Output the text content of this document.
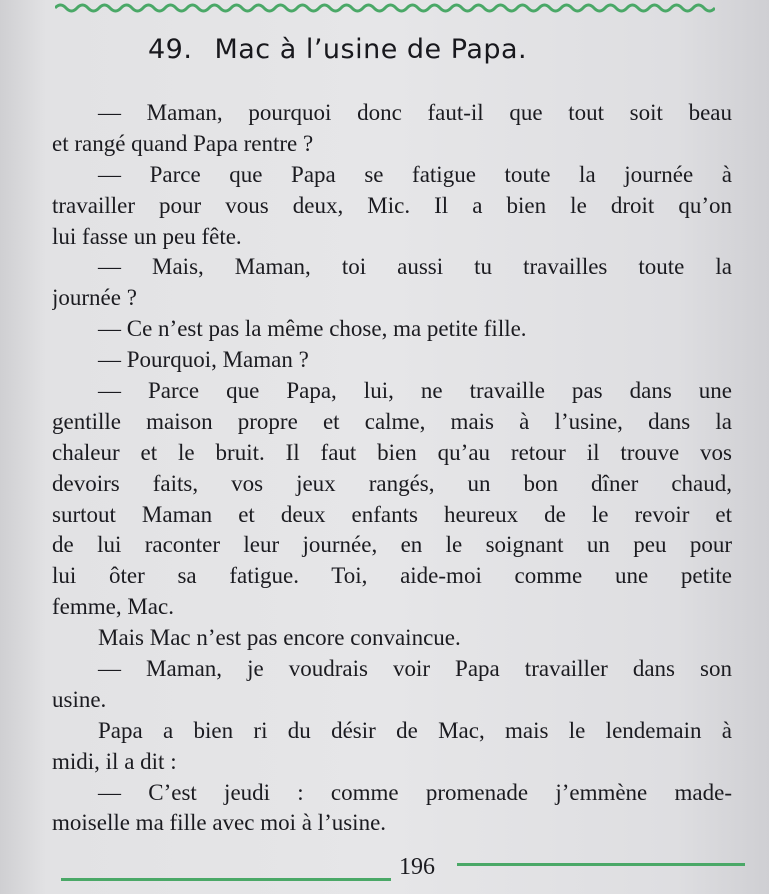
49. Mac à l’usine de Papa.
— Maman, pourquoi donc faut-il que tout soit beau
et rangé quand Papa rentre ?
— Parce que Papa se fatigue toute la journée à
travailler pour vous deux, Mic. Il a bien le droit qu’on
lui fasse un peu fête.
— Mais, Maman, toi aussi tu travailles toute la
journée ?
— Ce n’est pas la même chose, ma petite fille.
— Pourquoi, Maman ?
— Parce que Papa, lui, ne travaille pas dans une
gentille maison propre et calme, mais à l’usine, dans la
chaleur et le bruit. Il faut bien qu’au retour il trouve vos
devoirs faits, vos jeux rangés, un bon dîner chaud,
surtout Maman et deux enfants heureux de le revoir et
de lui raconter leur journée, en le soignant un peu pour
lui ôter sa fatigue. Toi, aide-moi comme une petite
femme, Mac.
Mais Mac n’est pas encore convaincue.
— Maman, je voudrais voir Papa travailler dans son
usine.
Papa a bien ri du désir de Mac, mais le lendemain à
midi, il a dit :
— C’est jeudi : comme promenade j’emmène made-
moiselle ma fille avec moi à l’usine.
196
